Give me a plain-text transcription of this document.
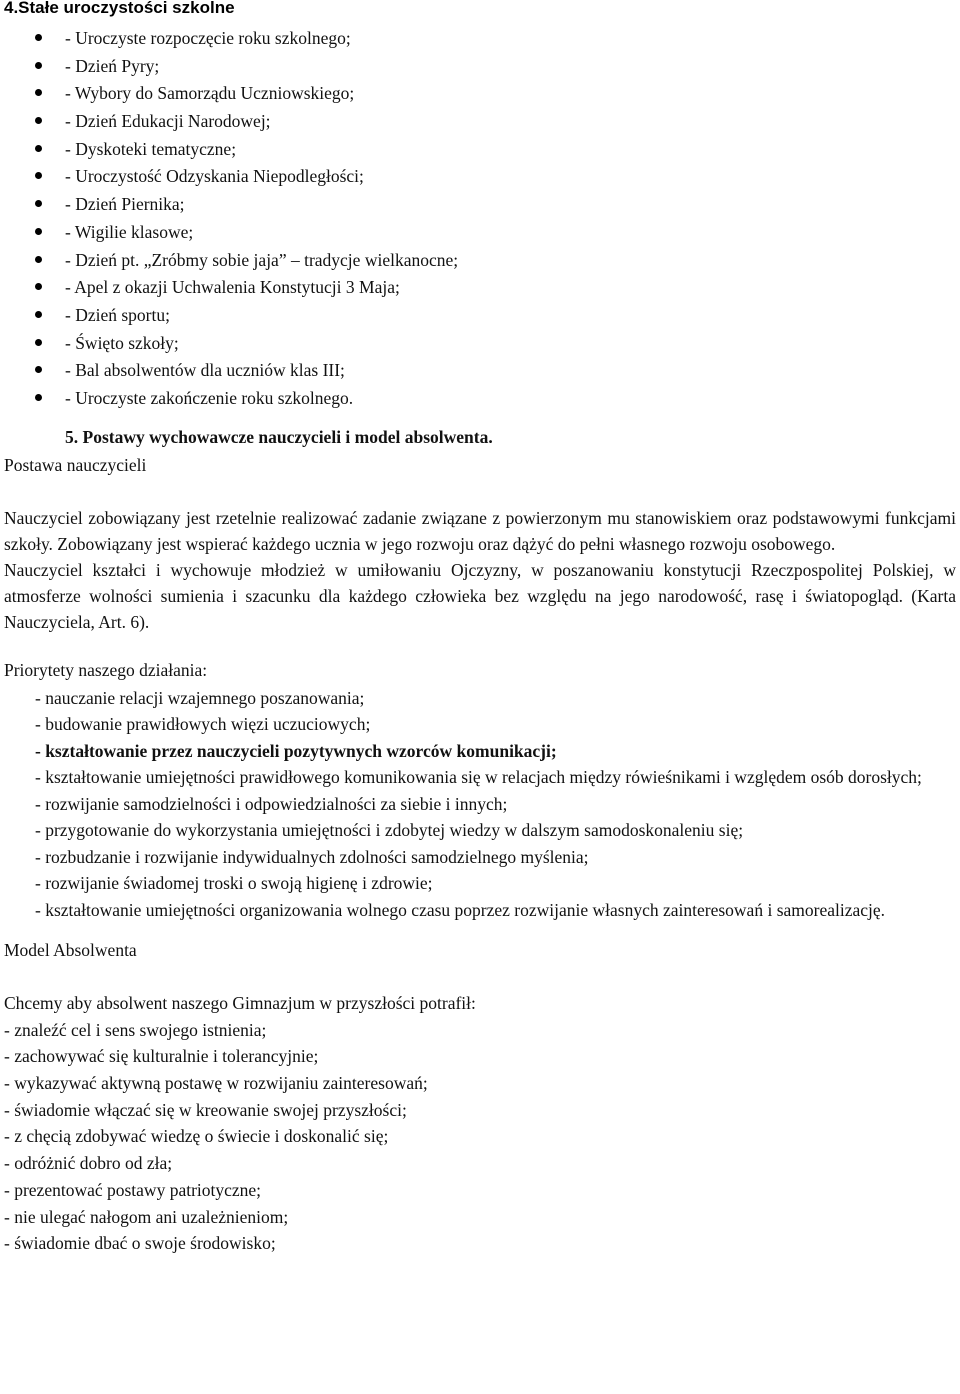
4.Stałe uroczystości szkolne
- Uroczyste rozpoczęcie roku szkolnego;
- Dzień Pyry;
- Wybory do Samorządu Uczniowskiego;
- Dzień Edukacji Narodowej;
- Dyskoteki tematyczne;
- Uroczystość Odzyskania Niepodległości;
- Dzień Piernika;
- Wigilie klasowe;
- Dzień pt. „Zróbmy sobie jaja” – tradycje wielkanocne;
- Apel z okazji Uchwalenia Konstytucji 3 Maja;
- Dzień sportu;
- Święto szkoły;
- Bal absolwentów dla uczniów klas III;
- Uroczyste zakończenie roku szkolnego.
5. Postawy wychowawcze nauczycieli i model absolwenta.
Postawa nauczycieli

Nauczyciel zobowiązany jest rzetelnie realizować zadanie związane z powierzonym mu stanowiskiem oraz podstawowymi funkcjami szkoły. Zobowiązany jest wspierać każdego ucznia w jego rozwoju oraz dążyć do pełni własnego rozwoju osobowego.

Nauczyciel kształci i wychowuje młodzież w umiłowaniu Ojczyzny, w poszanowaniu konstytucji Rzeczpospolitej Polskiej, w atmosferze wolności sumienia i szacunku dla każdego człowieka bez względu na jego narodowość, rasę i światopogląd. (Karta Nauczyciela, Art. 6).

Priorytety naszego działania:
- nauczanie relacji wzajemnego poszanowania;
- budowanie prawidłowych więzi uczuciowych;
- kształtowanie przez nauczycieli pozytywnych wzorców komunikacji;
- kształtowanie umiejętności prawidłowego komunikowania się w relacjach między rówieśnikami i względem osób dorosłych;
- rozwijanie samodzielności i odpowiedzialności za siebie i innych;
- przygotowanie do wykorzystania umiejętności i zdobytej wiedzy w dalszym samodoskonaleniu się;
- rozbudzanie i rozwijanie indywidualnych zdolności samodzielnego myślenia;
- rozwijanie świadomej troski o swoją higienę i zdrowie;
- kształtowanie umiejętności organizowania wolnego czasu poprzez rozwijanie własnych zainteresowań i samorealizację.
Model Absolwenta
Chcemy aby absolwent naszego Gimnazjum w przyszłości potrafił:
- znaleźć cel i sens swojego istnienia;
- zachowywać się kulturalnie i tolerancyjnie;
- wykazywać aktywną postawę w rozwijaniu zainteresowań;
- świadomie włączać się w kreowanie swojej przyszłości;
- z chęcią zdobywać wiedzę o świecie i doskonalić się;
- odróżnić dobro od zła;
- prezentować postawy patriotyczne;
- nie ulegać nałogom ani uzależnieniom;
- świadomie dbać o swoje środowisko;
